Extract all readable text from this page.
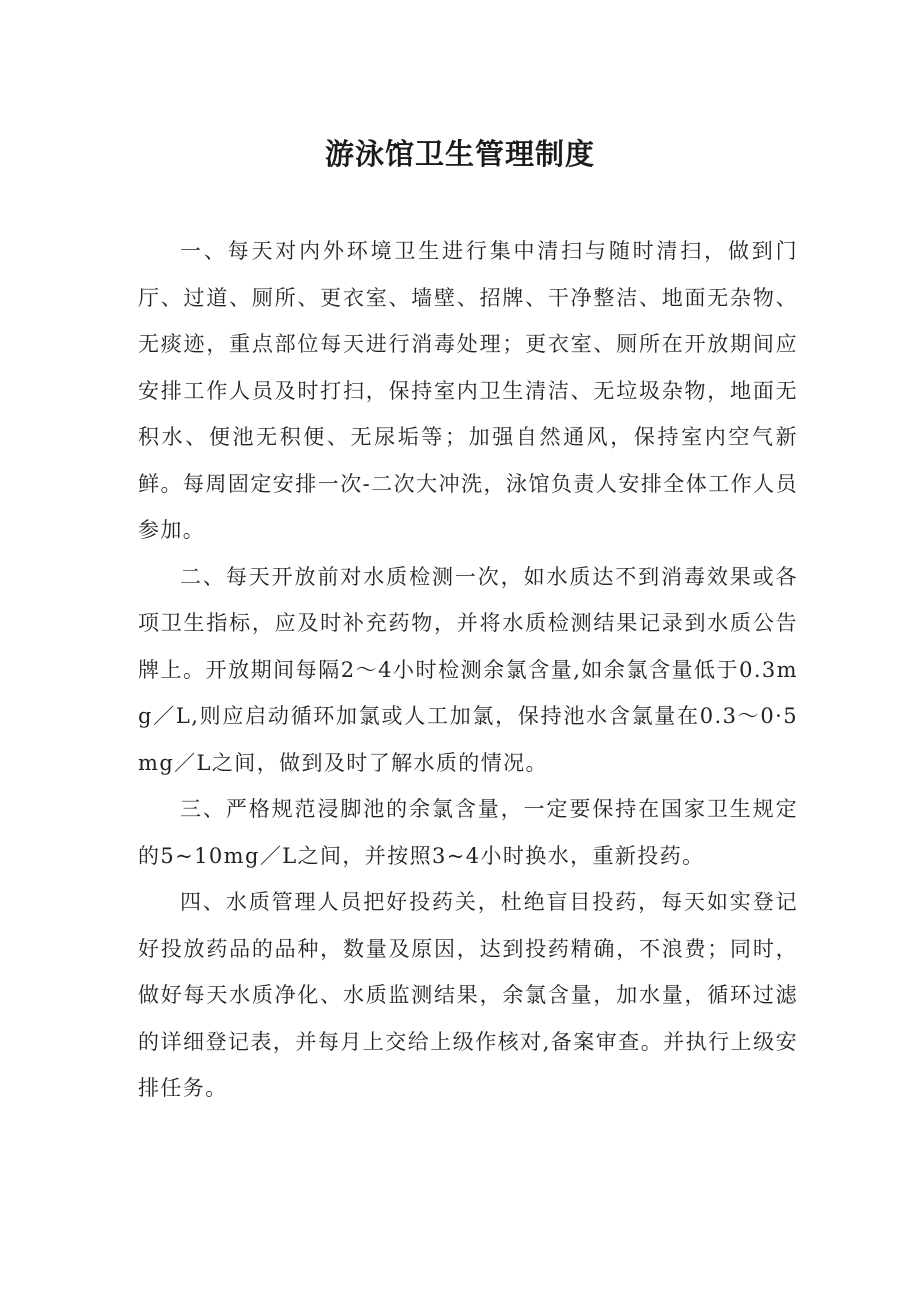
游泳馆卫生管理制度

一、每天对内外环境卫生进行集中清扫与随时清扫，做到门厅、过道、厕所、更衣室、墙壁、招牌、干净整洁、地面无杂物、无痰迹，重点部位每天进行消毒处理；更衣室、厕所在开放期间应安排工作人员及时打扫，保持室内卫生清洁、无垃圾杂物，地面无积水、便池无积便、无尿垢等；加强自然通风，保持室内空气新鲜。每周固定安排一次-二次大冲洗，泳馆负责人安排全体工作人员参加。

二、每天开放前对水质检测一次，如水质达不到消毒效果或各项卫生指标，应及时补充药物，并将水质检测结果记录到水质公告牌上。开放期间每隔2～4小时检测余氯含量,如余氯含量低于0.3mg／L,则应启动循环加氯或人工加氯，保持池水含氯量在0.3～0·5mg／L之间，做到及时了解水质的情况。

三、严格规范浸脚池的余氯含量，一定要保持在国家卫生规定的5~10mg／L之间，并按照3~4小时换水，重新投药。

四、水质管理人员把好投药关，杜绝盲目投药，每天如实登记好投放药品的品种，数量及原因，达到投药精确，不浪费；同时，做好每天水质净化、水质监测结果，余氯含量，加水量，循环过滤的详细登记表，并每月上交给上级作核对,备案审查。并执行上级安排任务。
